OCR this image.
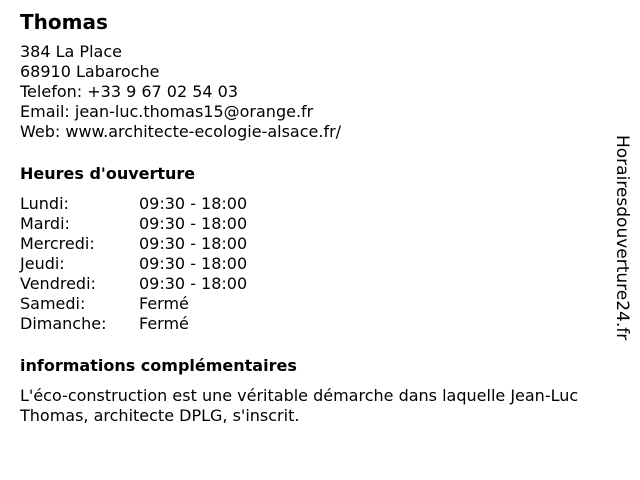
Thomas
384 La Place
68910 Labaroche
Telefon: +33 9 67 02 54 03
Email: jean-luc.thomas15@orange.fr
Web: www.architecte-ecologie-alsace.fr/
Heures d'ouverture
Lundi:	09:30 - 18:00
Mardi:	09:30 - 18:00
Mercredi:	09:30 - 18:00
Jeudi:	09:30 - 18:00
Vendredi:	09:30 - 18:00
Samedi:	Fermé
Dimanche:	Fermé
informations complémentaires
L'éco-construction est une véritable démarche dans laquelle Jean-Luc Thomas, architecte DPLG, s'inscrit.
Horairesdouverture24.fr
